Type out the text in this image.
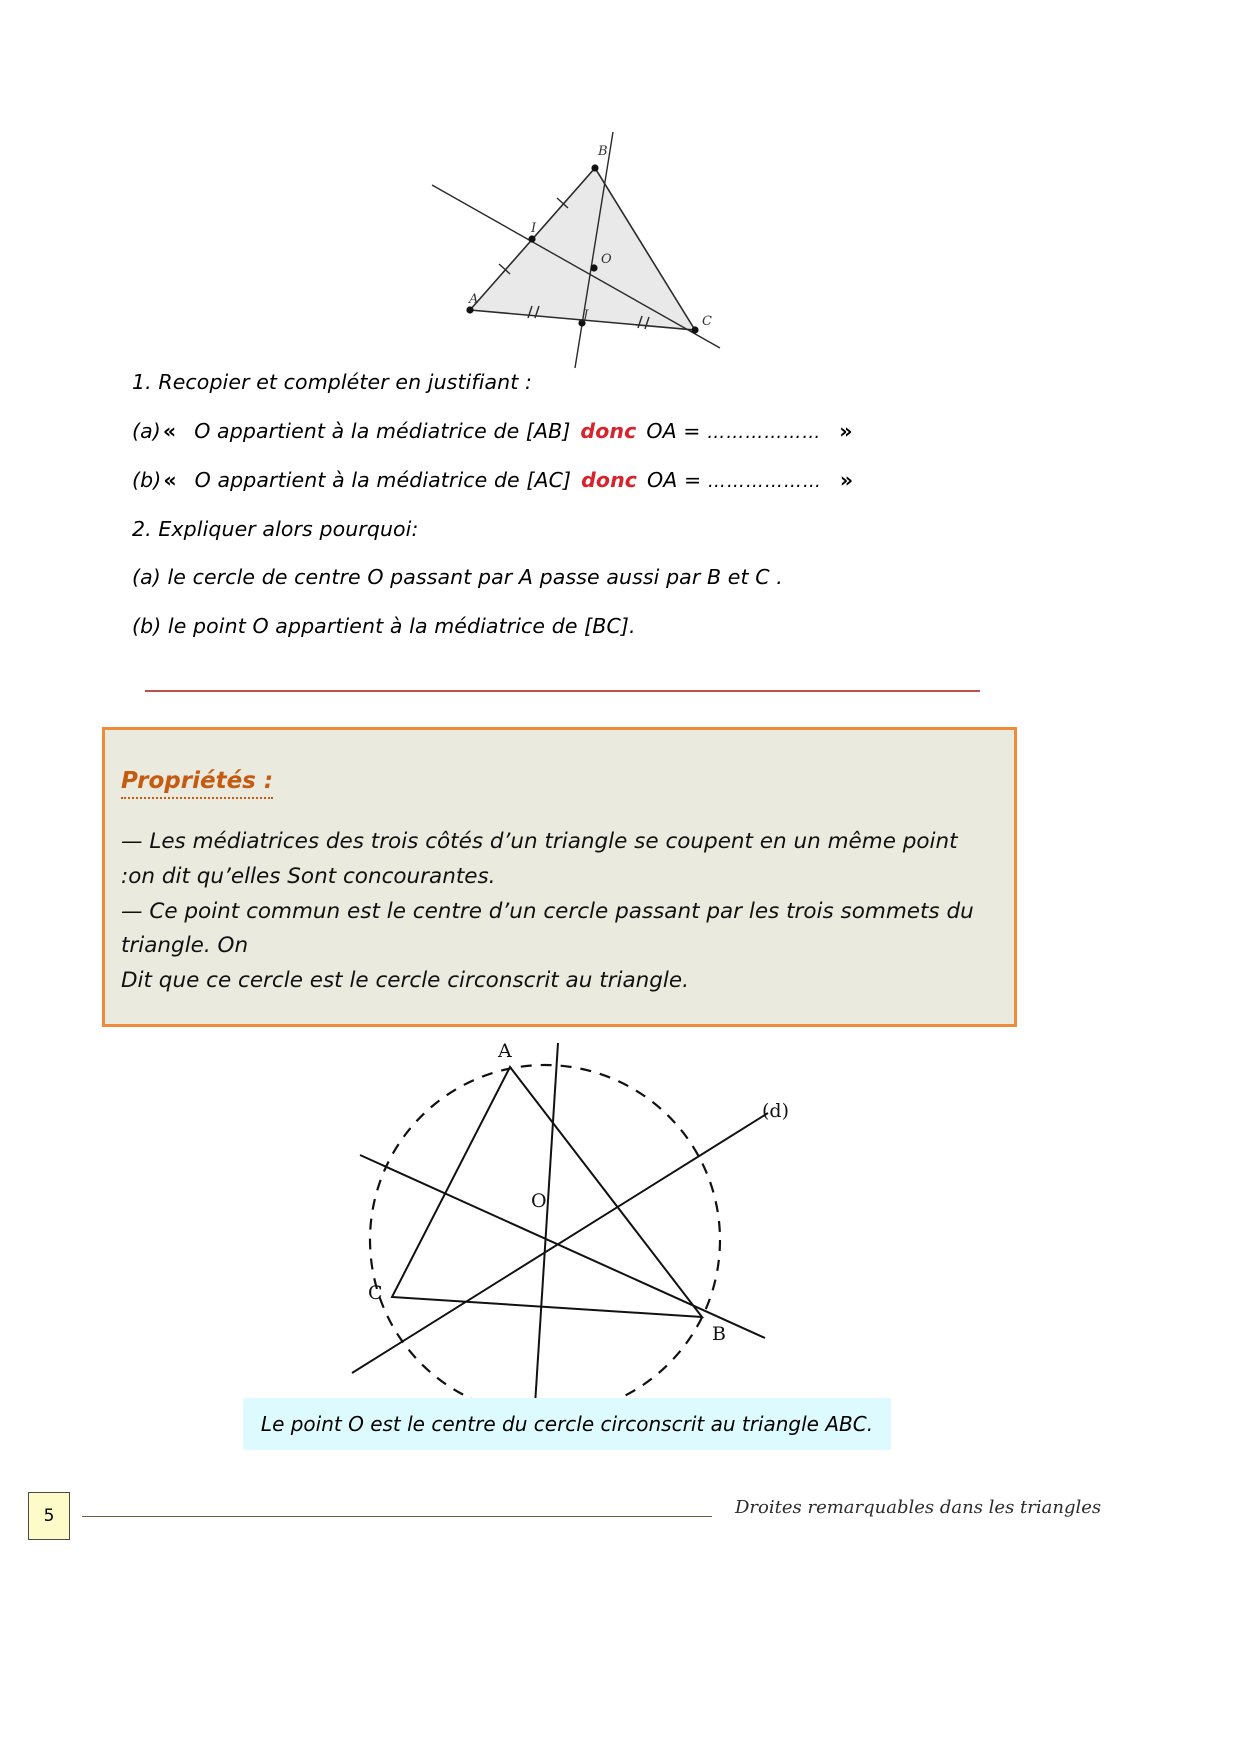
B
A
C
I
O
J
1. Recopier et compléter en justifiant :
(a)« O appartient à la médiatrice de [AB] donc OA = ……………… »
(b)« O appartient à la médiatrice de [AC] donc OA = ……………… »
2. Expliquer alors pourquoi:
(a) le cercle de centre O passant par A passe aussi par B et C .
(b) le point O appartient à la médiatrice de [BC].
Propriétés :

— Les médiatrices des trois côtés d’un triangle se coupent en un même point :on dit qu’elles Sont concourantes.

— Ce point commun est le centre d’un cercle passant par les trois sommets du triangle. On

Dit que ce cercle est le cercle circonscrit au triangle.

A
C
B
O
(d)
Le point O est le centre du cercle circonscrit au triangle ABC.
5	Droites remarquables dans les triangles
